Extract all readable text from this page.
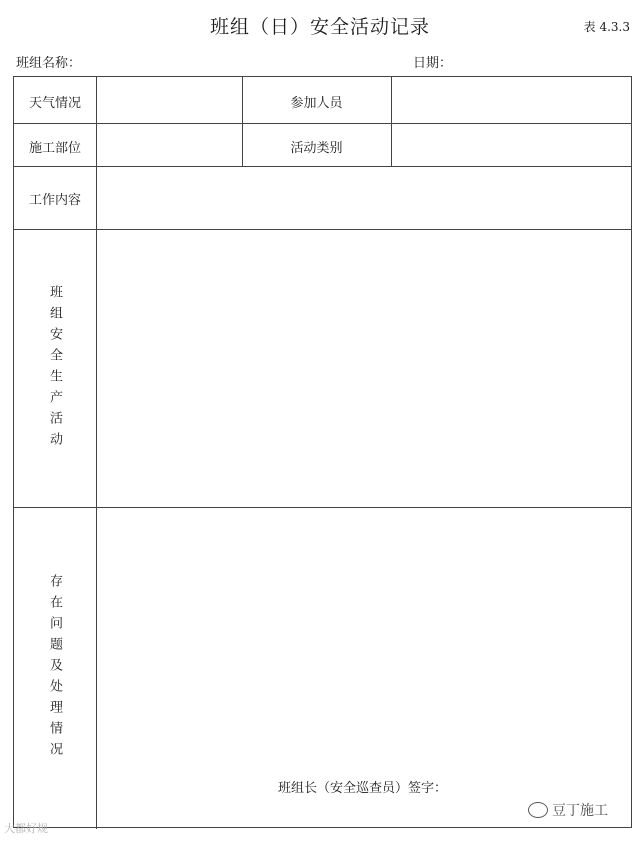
班组（日）安全活动记录	表 4.3.3
班组名称：	日期：
天气情况	参加人员
施工部位	活动类别
工作内容
班组安全生产活动
存在问题及处理情况
班组长（安全巡查员）签字：
大都好规
豆丁施工
